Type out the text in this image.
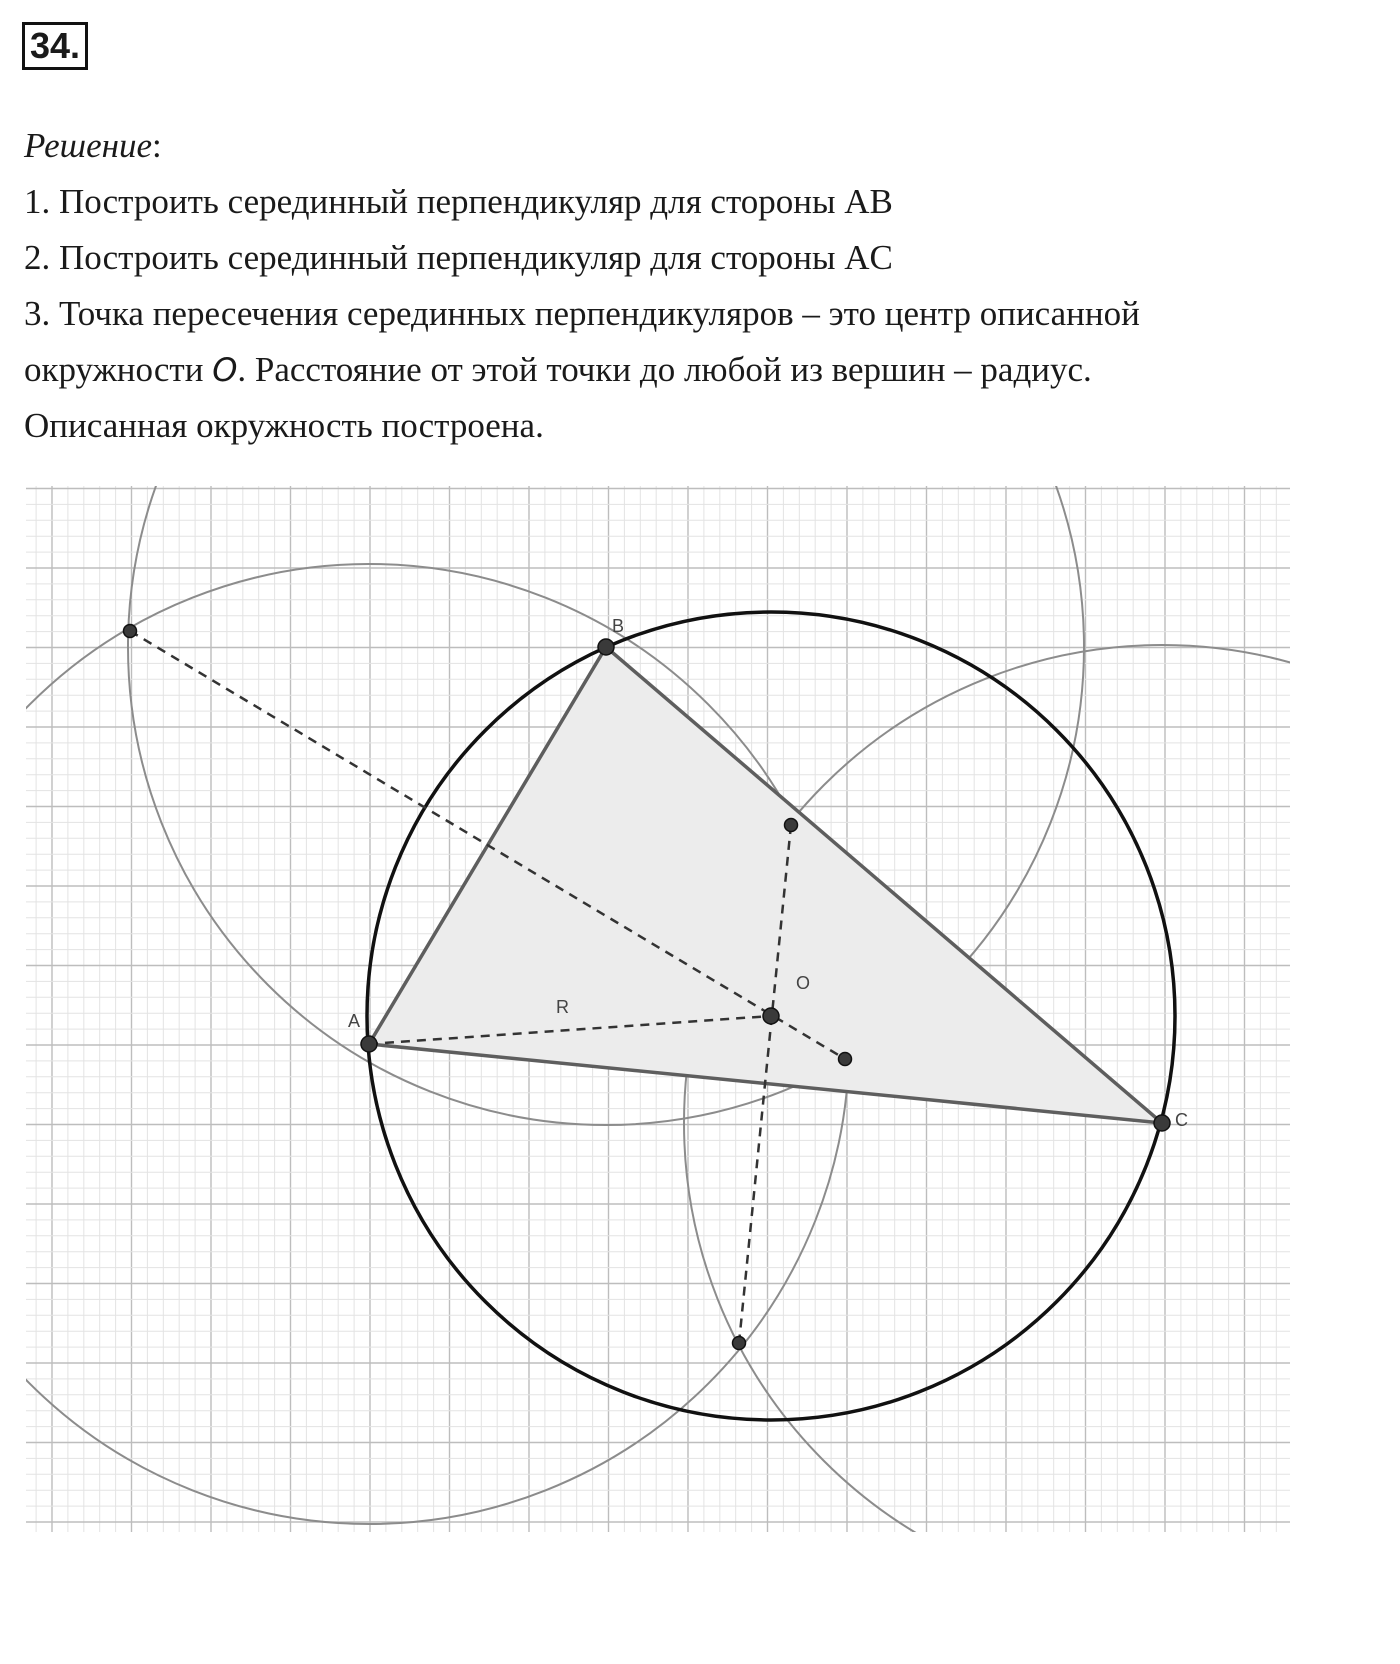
34.

Решение:

1. Построить серединный перпендикуляр для стороны AB

2. Построить серединный перпендикуляр для стороны AC

3. Точка пересечения серединных перпендикуляров – это центр описанной

окружности O. Расстояние от этой точки до любой из вершин – радиус.

Описанная окружность построена.

A
B
C
O
R
